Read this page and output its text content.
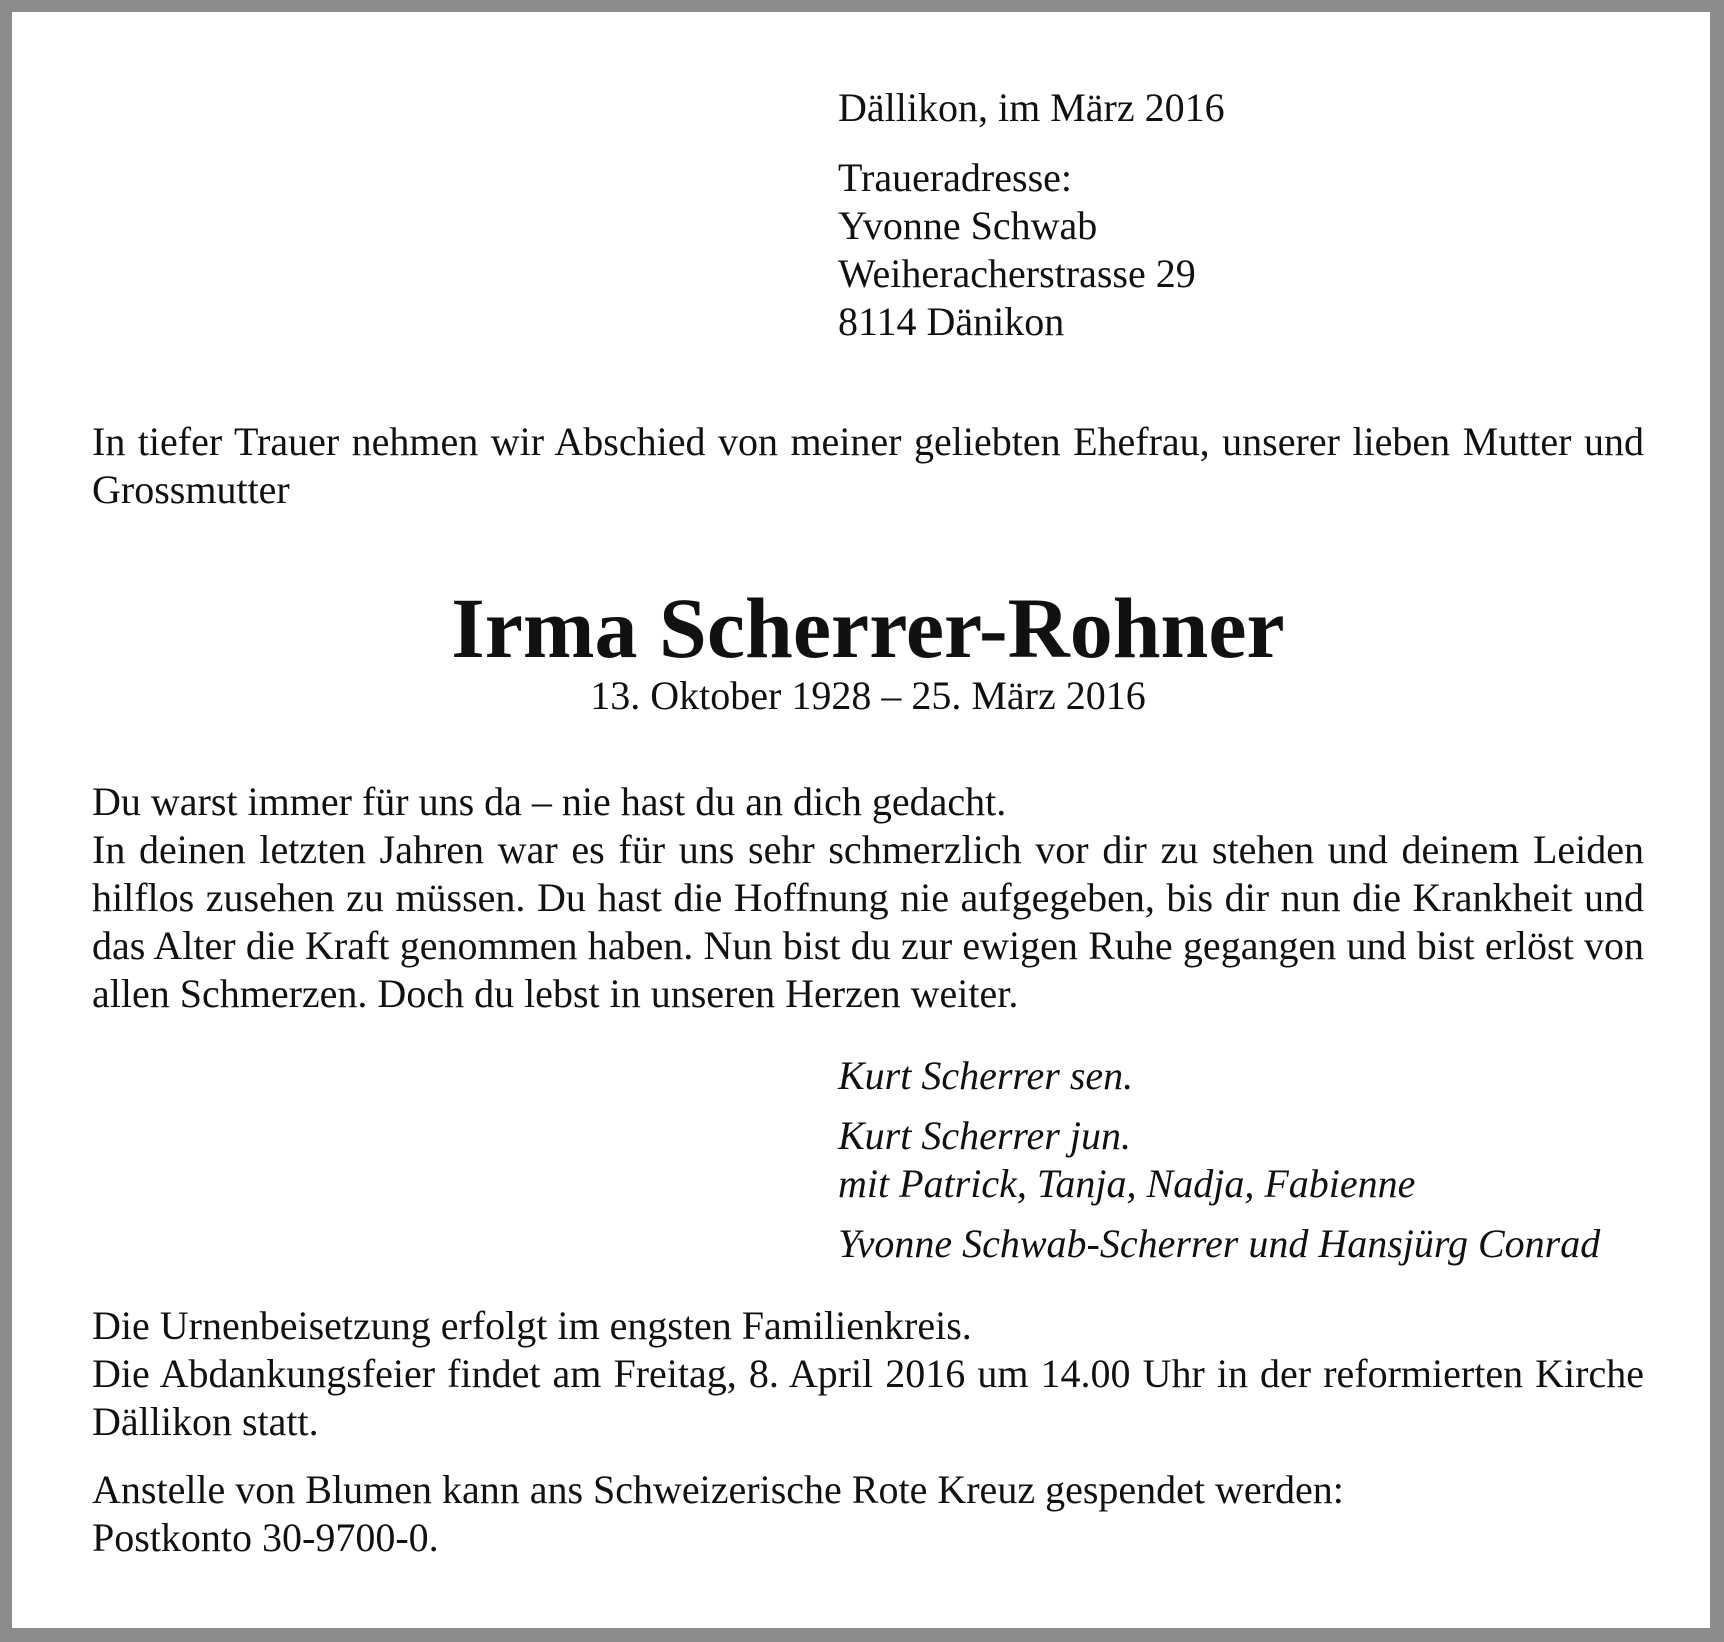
Dällikon, im März 2016
Traueradresse:
Yvonne Schwab
Weiheracherstrasse 29
8114 Dänikon
In tiefer Trauer nehmen wir Abschied von meiner geliebten Ehefrau, unserer lieben Mutter und Grossmutter
Irma Scherrer-Rohner
13. Oktober 1928 – 25. März 2016
Du warst immer für uns da – nie hast du an dich gedacht.
In deinen letzten Jahren war es für uns sehr schmerzlich vor dir zu stehen und deinem Leiden hilflos zusehen zu müssen. Du hast die Hoffnung nie aufgegeben, bis dir nun die Krankheit und das Alter die Kraft genommen haben. Nun bist du zur ewigen Ruhe gegangen und bist erlöst von allen Schmerzen. Doch du lebst in unseren Herzen weiter.
Kurt Scherrer sen.
Kurt Scherrer jun.
mit Patrick, Tanja, Nadja, Fabienne
Yvonne Schwab-Scherrer und Hansjürg Conrad
Die Urnenbeisetzung erfolgt im engsten Familienkreis.
Die Abdankungsfeier findet am Freitag, 8. April 2016 um 14.00 Uhr in der reformierten Kirche Dällikon statt.
Anstelle von Blumen kann ans Schweizerische Rote Kreuz gespendet werden:
Postkonto 30-9700-0.
